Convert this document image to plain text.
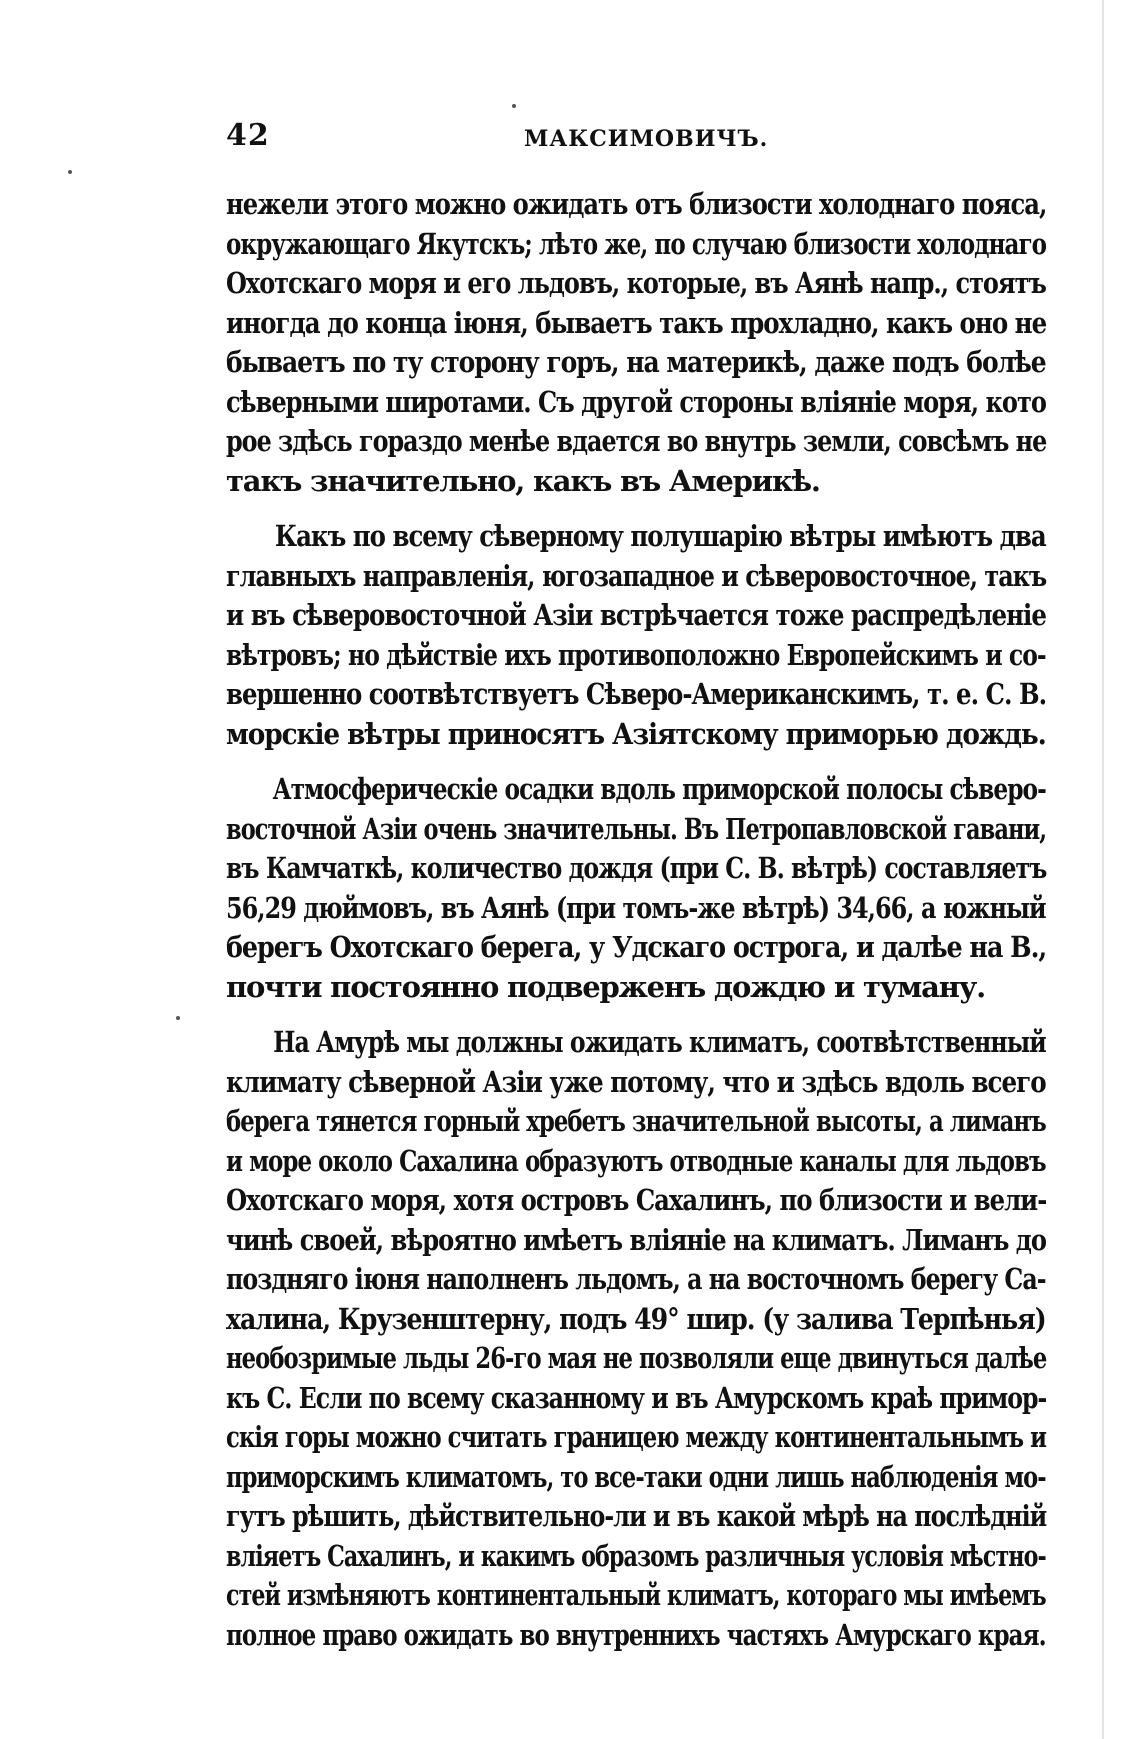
42	МАКСИМОВИЧЪ.
нежели этого можно ожидать отъ близости холоднаго пояса,
окружающаго Якутскъ; лѣто же, по случаю близости холоднаго
Охотскаго моря и его льдовъ, которые, въ Аянѣ напр., стоятъ
иногда до конца іюня, бываетъ такъ прохладно, какъ оно не
бываетъ по ту сторону горъ, на материкѣ, даже подъ болѣе
сѣверными широтами. Съ другой стороны вліяніе моря, кото
рое здѣсь гораздо менѣе вдается во внутрь земли, совсѣмъ не
такъ значительно, какъ въ Америкѣ.
Какъ по всему сѣверному полушарію вѣтры имѣютъ два
главныхъ направленія, югозападное и сѣверовосточное, такъ
и въ сѣверовосточной Азіи встрѣчается тоже распредѣленіе
вѣтровъ; но дѣйствіе ихъ противоположно Европейскимъ и со-
вершенно соотвѣтствуетъ Сѣверо-Американскимъ, т. е. С. В.
морскіе вѣтры приносятъ Азіятскому приморью дождь.
Атмосферическіе осадки вдоль приморской полосы сѣверо-
восточной Азіи очень значительны. Въ Петропавловской гавани,
въ Камчаткѣ, количество дождя (при С. В. вѣтрѣ) составляетъ
56,29 дюймовъ, въ Аянѣ (при томъ-же вѣтрѣ) 34,66, а южный
берегъ Охотскаго берега, у Удскаго острога, и далѣе на В.,
почти постоянно подверженъ дождю и туману.
На Амурѣ мы должны ожидать климатъ, соотвѣтственный
климату сѣверной Азіи уже потому, что и здѣсь вдоль всего
берега тянется горный хребетъ значительной высоты, а лиманъ
и море около Сахалина образуютъ отводные каналы для льдовъ
Охотскаго моря, хотя островъ Сахалинъ, по близости и вели-
чинѣ своей, вѣроятно имѣетъ вліяніе на климатъ. Лиманъ до
поздняго іюня наполненъ льдомъ, а на восточномъ берегу Са-
халина, Крузенштерну, подъ 49° шир. (у залива Терпѣнья)
необозримые льды 26-го мая не позволяли еще двинуться далѣе
къ С. Если по всему сказанному и въ Амурскомъ краѣ примор-
скія горы можно считать границею между континентальнымъ и
приморскимъ климатомъ, то все-таки одни лишь наблюденія мо-
гутъ рѣшить, дѣйствительно-ли и въ какой мѣрѣ на послѣдній
вліяетъ Сахалинъ, и какимъ образомъ различныя условія мѣстно-
стей измѣняютъ континентальный климатъ, котораго мы имѣемъ
полное право ожидать во внутреннихъ частяхъ Амурскаго края.
